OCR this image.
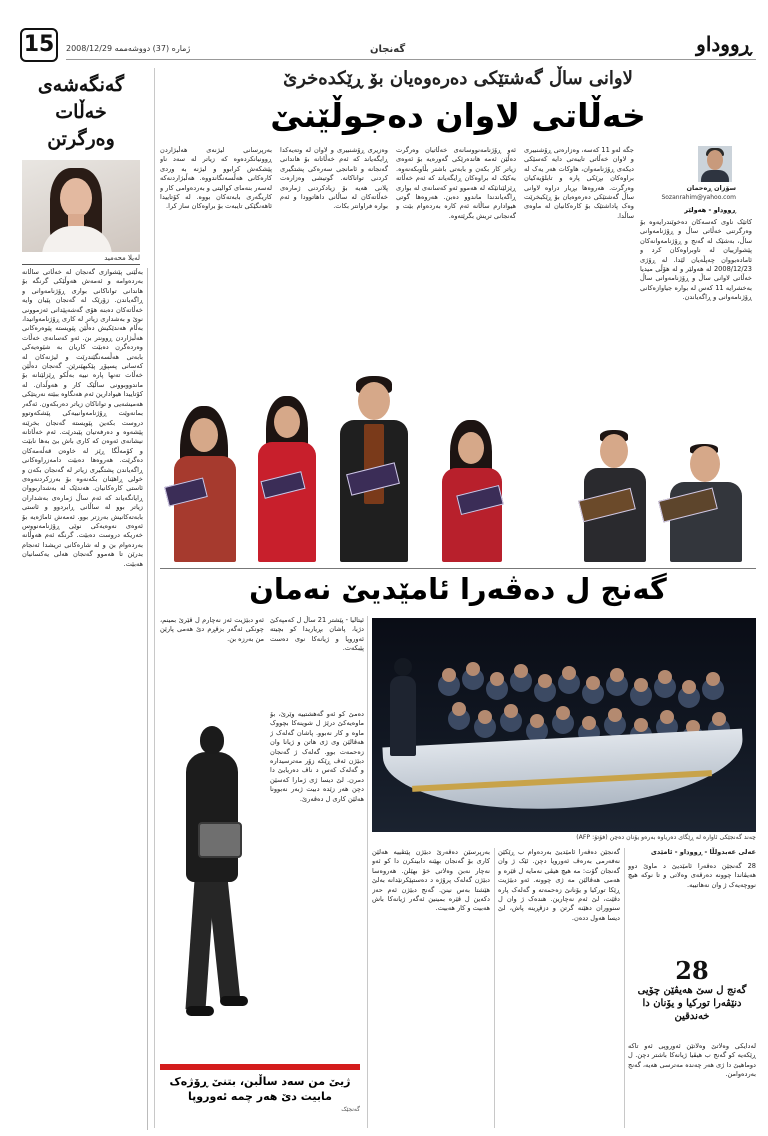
15	ژمارە (37) دووشەممە 2008/12/29	گەنجان	ڕووداو
گەنگەشەی خەڵات وەرگرتن
لەیلا محەمید
بەڵێنی پێشوازی گەنجان لە خەڵاتی ساڵانە بەردەوامە و ئەمەش هەوڵێکی گرنگە بۆ هاندانی تواناکانی بواری ڕۆژنامەوانی و ڕاگەیاندن. زۆرێک لە گەنجان پێیان وایە خەڵاتەکان دەبنە هۆی گەشەپێدانی ئەزموونی نوێ و بەشداری زیاتر لە کاری ڕۆژنامەوانیدا، بەڵام هەندێکیش دەڵێن پێویستە پێوەرەکانی هەڵبژاردن ڕوونتر بن. ئەو کەسانەی خەڵات وەردەگرن دەبێت کاریان بە شێوەیەکی بابەتی هەڵسەنگێندرێت و لیژنەکان لە کەسانی پسپۆڕ پێکبهێنرێن. گەنجان دەڵێن خەڵات تەنها پارە نییە بەڵکو ڕێزلێنانە بۆ ماندووبوونی ساڵێک کار و هەوڵدان. لە کۆتاییدا هیوادارین ئەم هەنگاوە ببێتە نەریتێکی هەمیشەیی و تواناکان زیاتر دەربکەون. ئەگەر بمانەوێت ڕۆژنامەوانییەکی پێشکەوتوو دروست بکەین پێویستە گەنجان بخرێنە پێشەوە و دەرفەتیان پێبدرێت. ئەم خەڵاتانە نیشانەی ئەوەن کە کاری باش بێ بەها نابێت و کۆمەڵگا ڕێز لە خاوەن قەڵەمەکان دەگرێت. هەروەها دەبێت دامەزراوەکانی ڕاگەیاندن پشتگیری زیاتر لە گەنجان بکەن و خولی ڕاهێنان بکەنەوە بۆ بەرزکردنەوەی ئاستی کارەکانیان. هەندێک لە بەشداربووان ڕایانگەیاند کە ئەم ساڵ ژمارەی بەشداران زیاتر بوو لە ساڵانی ڕابردوو و ئاستی بابەتەکانیش بەرزتر بوو. ئەمەش ئاماژەیە بۆ ئەوەی نەوەیەکی نوێی ڕۆژنامەنووس خەریکە دروست دەبێت. گرنگە ئەم هەوڵانە بەردەوام بن و لە شارەکانی تریشدا ئەنجام بدرێن تا هەموو گەنجان هەلی یەکسانیان هەبێت.
لاوانی ساڵ گەشتێکی دەرەوەیان بۆ ڕێکدەخرێ
خەڵاتی لاوان دەجوڵێنێ
سۆزان ڕەحمان
Sozanrahim@yahoo.com
ڕووداو - هەولێر
کاتێک ناوی کەسەکان دەخوێندرایەوە بۆ وەرگرتنی خەڵاتی ساڵ و ڕۆژنامەوانی ساڵ، بەشێک لە گەنج و ڕۆژنامەوانەکان پێشوازییان لە ناوبراوەکان کرد و ئامادەبووان چەپڵەیان لێدا. لە ڕۆژی 2008/12/23 لە هەولێر و لە هۆڵی میدیا خەڵاتی لاوانی ساڵ و ڕۆژنامەوانی ساڵ بەخشرایە 11 کەس لە بوارە جیاوازەکانی ڕۆژنامەوانی و ڕاگەیاندن.
جگە لەو 11 کەسە، وەزارەتی ڕۆشنبیری و لاوان خەڵاتی تایبەتی دایە کەسێکی دیکەی ڕۆژنامەوان، هاوکات هەر یەک لە براوەکان بڕێکی پارە و تابلۆیەکیان وەرگرت. هەروەها بڕیار دراوە لاوانی ساڵ گەشتێکی دەرەوەیان بۆ ڕێکبخرێت وەک پاداشتێک بۆ کارەکانیان لە ماوەی ساڵدا.
ئەو ڕۆژنامەنووسانەی خەڵاتیان وەرگرت دەڵێن ئەمە هاندەرێکی گەورەیە بۆ ئەوەی زیاتر کار بکەن و بابەتی باشتر بڵاوبکەنەوە. یەکێک لە براوەکان ڕایگەیاند کە ئەم خەڵاتە ڕێزلێنانێکە لە هەموو ئەو کەسانەی لە بواری ڕاگەیاندندا ماندوو دەبن. هەروەها گوتی هیوادارم ساڵانە ئەم کارە بەردەوام بێت و گەنجانی تریش بگرێتەوە.
وەزیری ڕۆشنبیری و لاوان لە وتەیەکدا ڕایگەیاند کە ئەم خەڵاتانە بۆ هاندانی گەنجانە و ئامانجی سەرەکی پشتگیری کردنی تواناکانە. گوتیشی وەزارەت پلانی هەیە بۆ زیادکردنی ژمارەی خەڵاتەکان لە ساڵانی داهاتوودا و ئەم بوارە فراوانتر بکات.
بەرپرسانی لیژنەی هەڵبژاردن ڕوونیانکردەوە کە زیاتر لە سەد ناو پێشکەش کرابوو و لیژنە بە وردی کارەکانی هەڵسەنگاندووە. هەڵبژاردنەکە لەسەر بنەمای کوالیتی و بەردەوامی کار و کاریگەری بابەتەکان بووە. لە کۆتاییدا ئاهەنگێکی تایبەت بۆ براوەکان ساز کرا.
گەنج ل دەڤەرا ئامێدیێ نەمان
چەند گەنجێکی ئاوارە لە ڕێگای دەریاوە بەرەو یۆنان دەچن (فۆتۆ: AFP)
ئیتالیا - پێشتر 21 ساڵ ل کەمپەکێ دژیا، پاشان بڕیاریدا کو بچیتە ئەوروپا و ژیانەکا نوی دەست پێبکەت.
ئەو دبێژیت ئەز نەچارم ل ڤێرێ بمینم، چونکی ئەگەر بزڤڕم دێ هەمی پارێن من بەرزە بن.
دەمێ کو ئەو گەهشتییە وێرێ، بۆ ماوەیەکێ درێژ ل شوینەکا بچووک ماوە و کار نەبوو. پاشان گەلەک ژ هەڤالێن وی ژی هاتن و ژیانا وان زەحمەت بوو. گەلەک ژ گەنجان دبێژن ئەڤ ڕێکە زۆر مەترسیدارە و گەلەک کەس د ناڤ دەریایێ دا دمرن. لێ دیسا ژی ژمارا کەسێن دچن هەر زێدە دبیت ژبەر نەبوونا هەلێن کاری ل دەڤەرێ.
بەرپرسێن دەڤەرێ دبێژن پێتڤییە هەلێن کاری بۆ گەنجان بهێنە دابینکرن دا کو ئەو نەچار نەبن وەلاتی خۆ بهێلن. هەروەسا دبێژن گەلەک پرۆژە د دەستپێکرنێدانە بەلێ هێشتا بەس نینن. گەنج دبێژن ئەم حەز دکەین ل ڤێرە بمینین ئەگەر ژیانەکا باش هەبیت و کار هەبیت.
گەنجێن دەڤەرا ئامێدیێ بەردەوام ب ڕێکێن نەفەرمی بەرەڤ ئەوروپا دچن. ئێک ژ وان گەنجان گۆت: مە هیچ هیڤی نەمایە ل ڤێرە و هەمی هەڤالێن مە ژی چوونە. ئەو دبێژیت ڕێکا تورکیا و یۆنانێ زەحمەتە و گەلەک پارە دڤێت، لێ ئەم نەچارین. هندەک ژ وان ل سنووران دهێنە گرتن و دزڤڕینە پاش، لێ دیسا هەول ددەن.
عەلی عەبدولڵا - ڕووداو - ئامێدی
28 گەنجێن دەڤەرا ئامێدیێ د ماوێ دوو هەیڤاندا چوونە دەرڤەی وەلاتی و تا نوکە هیچ نووچەیەک ژ وان نەهاتییە.
28
گەنج ل سێ هەیڤێن چۆیی دنێڤەرا تورکیا و یۆنان دا خەندقین
لەدایکی وەلاتێ وەلاتێن ئەوروپی ئەو تاکە ڕێکەیە کو گەنج ب هیڤیا ژیانەکا باشتر دچن. ل دوماهیێ دا ژی هەر چەندە مەترسی هەیە، گەنج بەردەوامن.
ژیێ من سەد ساڵبن، بتنێ ڕۆژەک مابیت دێ هەر چمە ئەوروپا
گەنجێک
